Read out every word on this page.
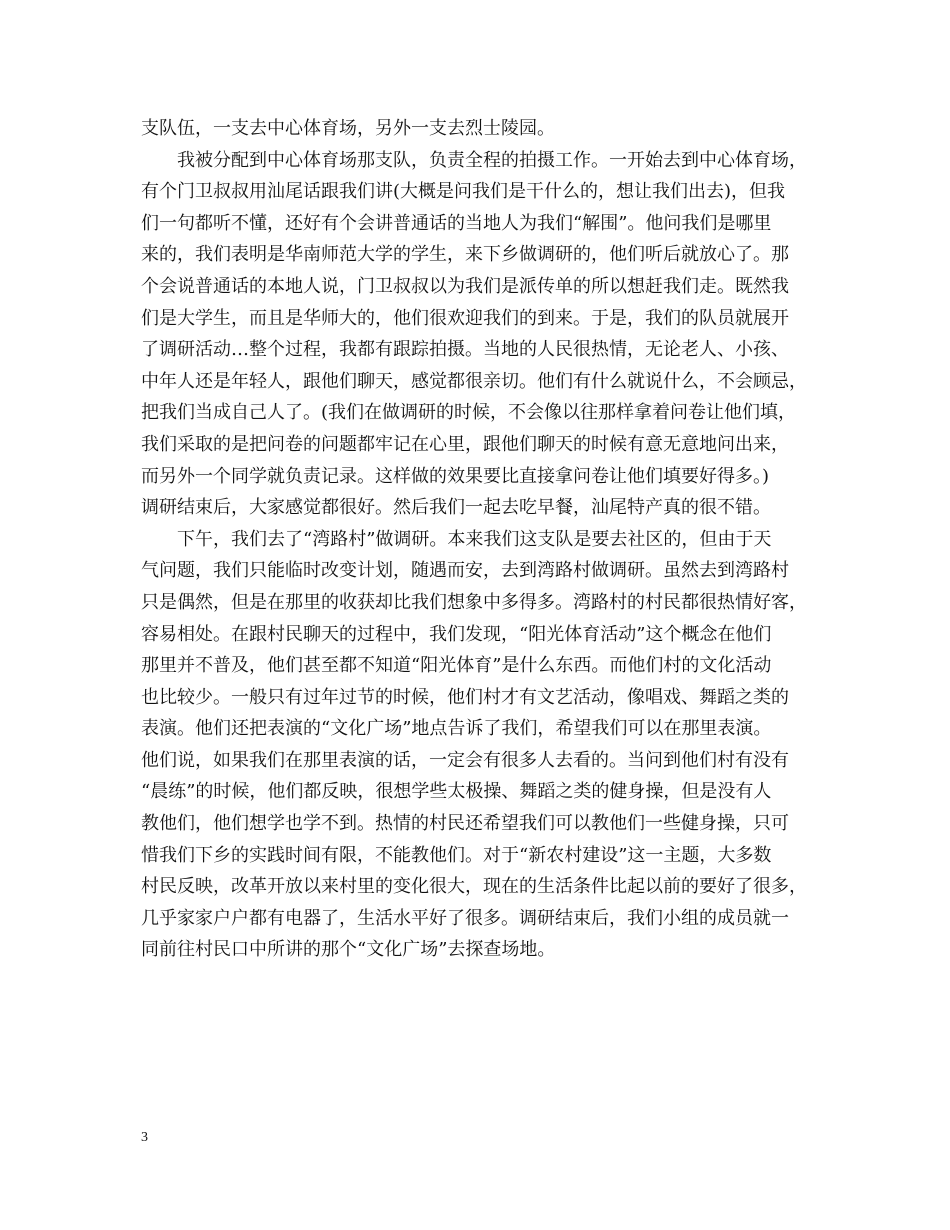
支队伍，一支去中心体育场，另外一支去烈士陵园。
我被分配到中心体育场那支队，负责全程的拍摄工作。一开始去到中心体育场，
有个门卫叔叔用汕尾话跟我们讲(大概是问我们是干什么的，想让我们出去)，但我
们一句都听不懂，还好有个会讲普通话的当地人为我们“解围”。他问我们是哪里
来的，我们表明是华南师范大学的学生，来下乡做调研的，他们听后就放心了。那
个会说普通话的本地人说，门卫叔叔以为我们是派传单的所以想赶我们走。既然我
们是大学生，而且是华师大的，他们很欢迎我们的到来。于是，我们的队员就展开
了调研活动…整个过程，我都有跟踪拍摄。当地的人民很热情，无论老人、小孩、
中年人还是年轻人，跟他们聊天，感觉都很亲切。他们有什么就说什么，不会顾忌，
把我们当成自己人了。(我们在做调研的时候，不会像以往那样拿着问卷让他们填，
我们采取的是把问卷的问题都牢记在心里，跟他们聊天的时候有意无意地问出来，
而另外一个同学就负责记录。这样做的效果要比直接拿问卷让他们填要好得多。)
调研结束后，大家感觉都很好。然后我们一起去吃早餐，汕尾特产真的很不错。
下午，我们去了“湾路村”做调研。本来我们这支队是要去社区的，但由于天
气问题，我们只能临时改变计划，随遇而安，去到湾路村做调研。虽然去到湾路村
只是偶然，但是在那里的收获却比我们想象中多得多。湾路村的村民都很热情好客，
容易相处。在跟村民聊天的过程中，我们发现，“阳光体育活动”这个概念在他们
那里并不普及，他们甚至都不知道“阳光体育”是什么东西。而他们村的文化活动
也比较少。一般只有过年过节的时候，他们村才有文艺活动，像唱戏、舞蹈之类的
表演。他们还把表演的“文化广场”地点告诉了我们，希望我们可以在那里表演。
他们说，如果我们在那里表演的话，一定会有很多人去看的。当问到他们村有没有
“晨练”的时候，他们都反映，很想学些太极操、舞蹈之类的健身操，但是没有人
教他们，他们想学也学不到。热情的村民还希望我们可以教他们一些健身操，只可
惜我们下乡的实践时间有限，不能教他们。对于“新农村建设”这一主题，大多数
村民反映，改革开放以来村里的变化很大，现在的生活条件比起以前的要好了很多，
几乎家家户户都有电器了，生活水平好了很多。调研结束后，我们小组的成员就一
同前往村民口中所讲的那个“文化广场”去探查场地。
3
